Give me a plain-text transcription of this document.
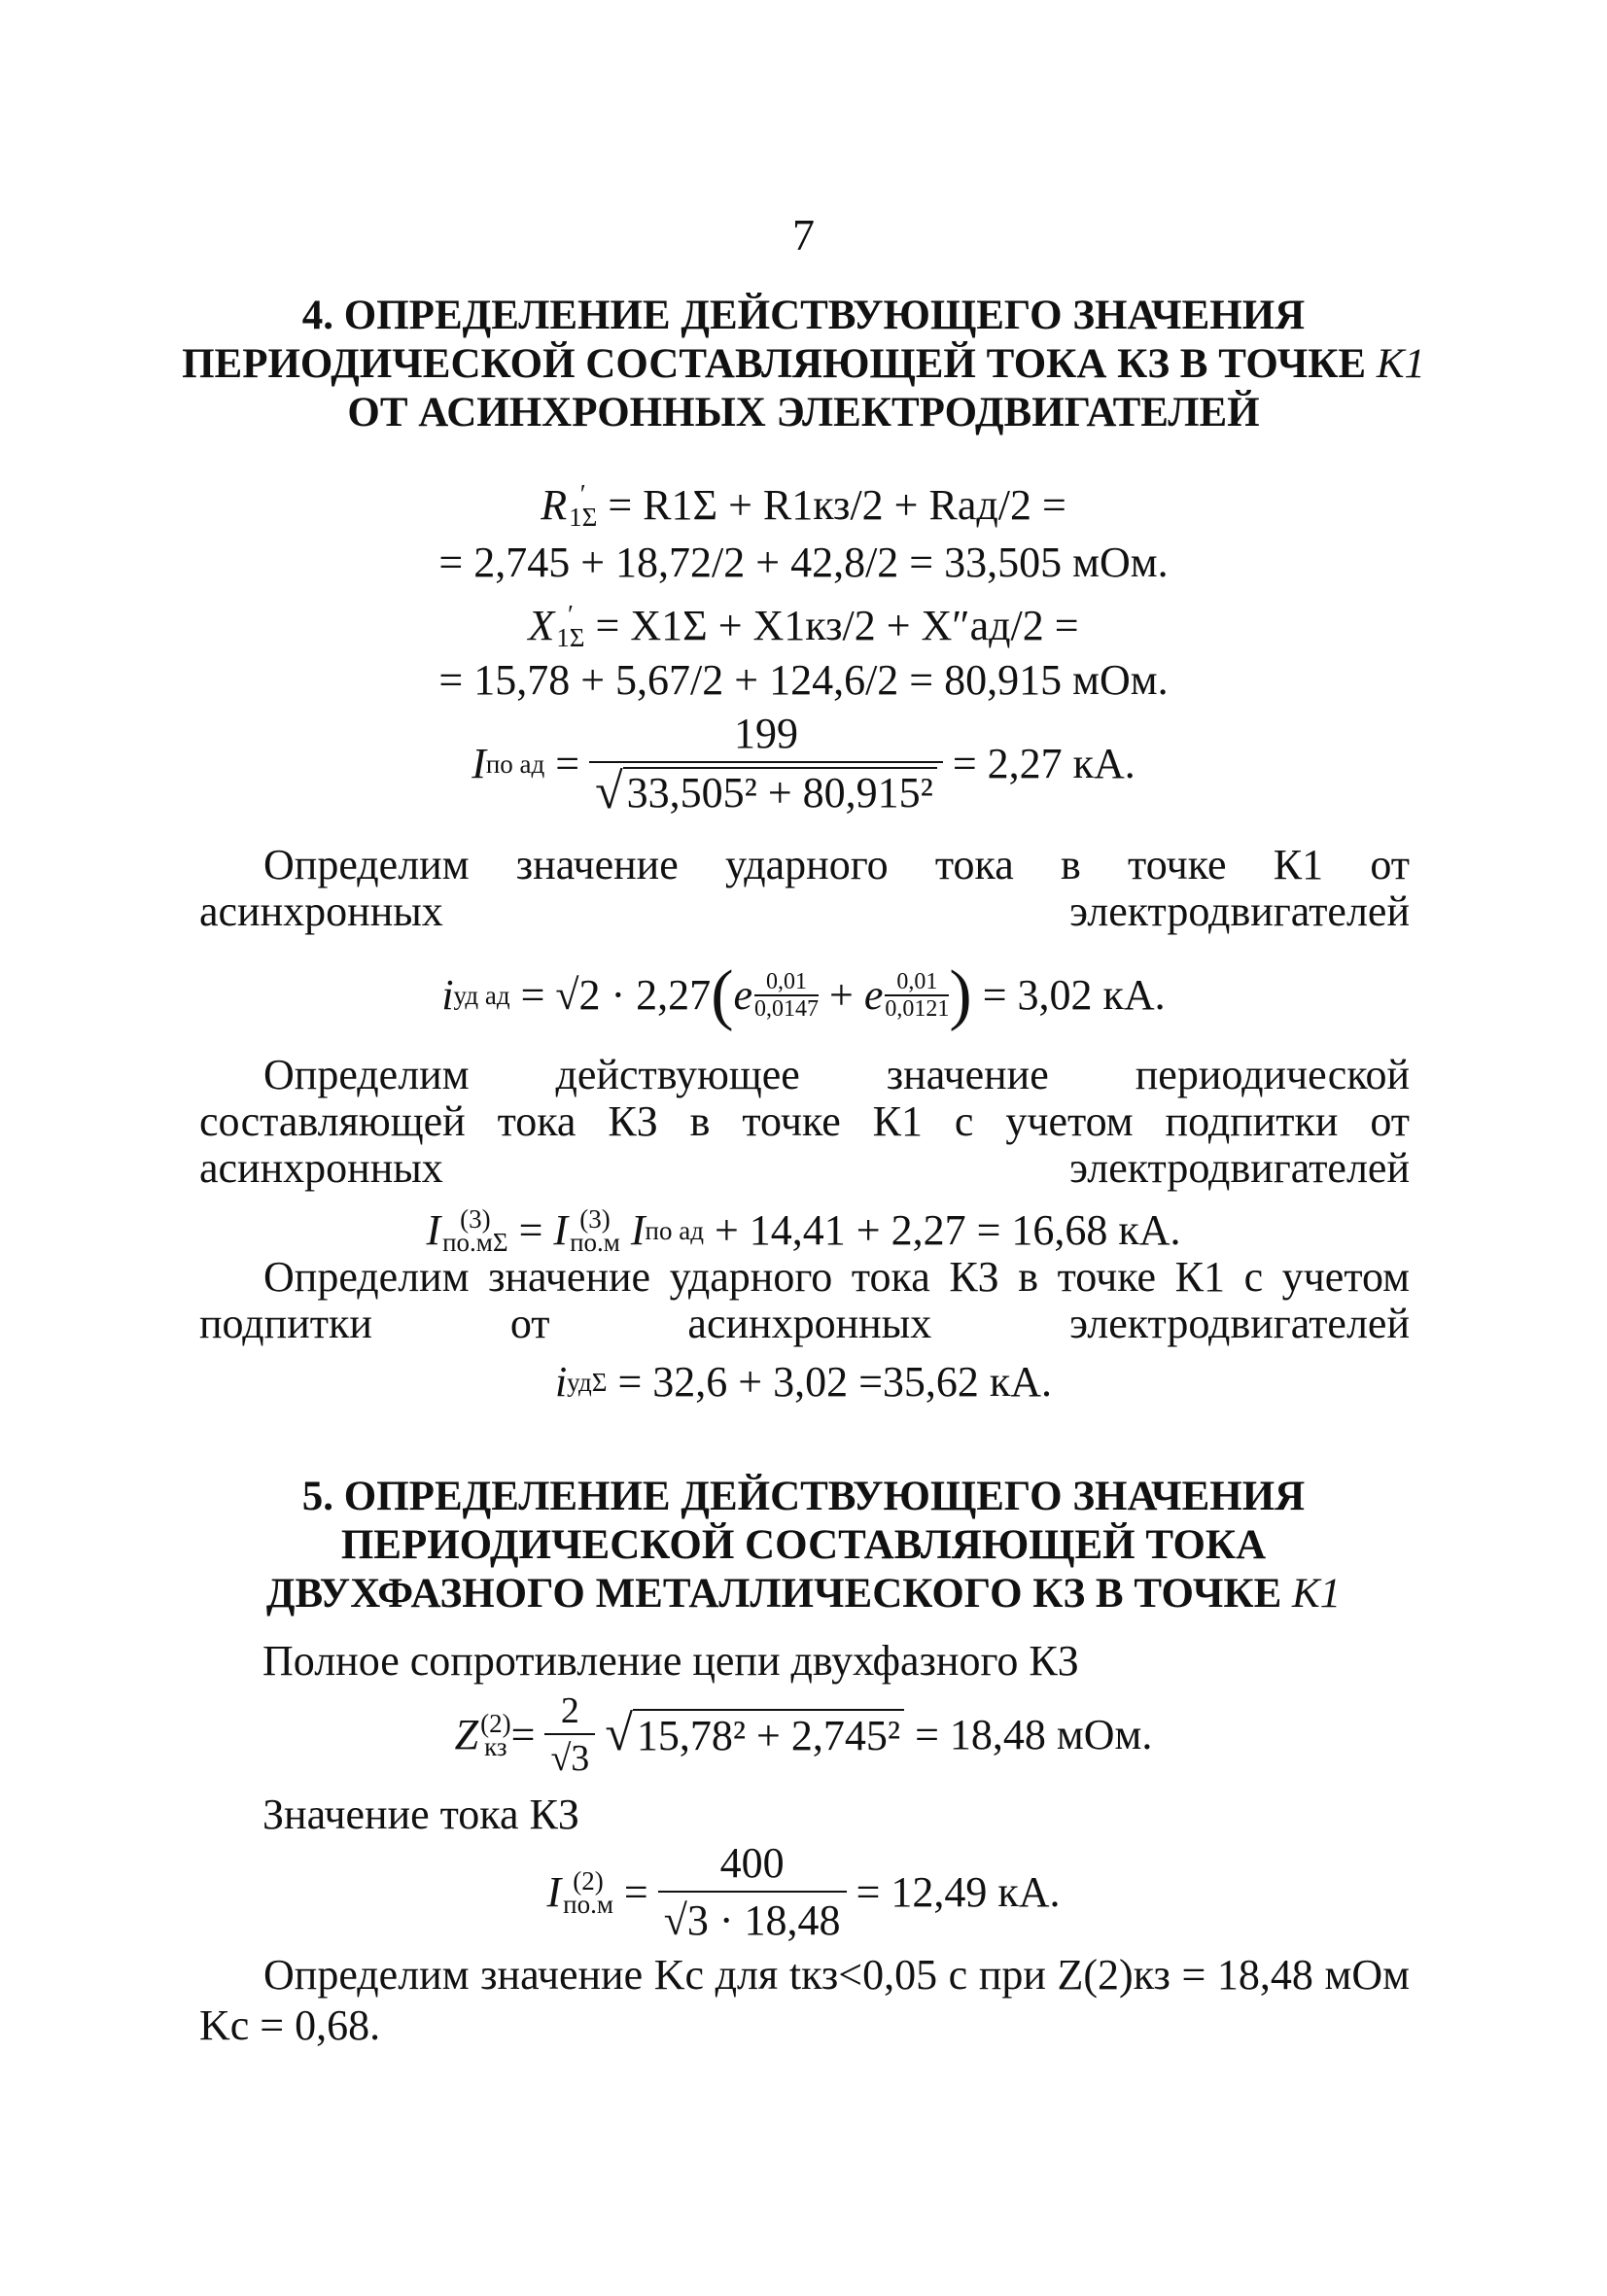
7
4. ОПРЕДЕЛЕНИЕ ДЕЙСТВУЮЩЕГО ЗНАЧЕНИЯ
ПЕРИОДИЧЕСКОЙ СОСТАВЛЯЮЩЕЙ ТОКА КЗ В ТОЧКЕ К1
ОТ АСИНХРОННЫХ ЭЛЕКТРОДВИГАТЕЛЕЙ
R ′
1Σ
= R1Σ + R1кз/2 + Rад/2 =
= 2,745 + 18,72/2 + 42,8/2 = 33,505 мОм.
X ′
1Σ
= X1Σ + X1кз/2 + X″ад/2 =
= 15,78 + 5,67/2 + 124,6/2 = 80,915 мОм.
I по ад = $\frac{199}{\text{√ 33,505² + 80,915²}} = 2,27$ кА.
Определим значение ударного тока в точке К1 от асинхронных электродвигателей
i уд ад
= √2 · 2,27 ( e $\frac{0,01}{0,0147} + e \frac{0,01}{0,0121}$ )
= 3,02 кА.
Определим действующее значение периодической составляющей тока КЗ в точке К1 с учетом подпитки от асинхронных электродвигателей
I (3)
по.мΣ = I (3)
по.м
I по ад
+ 14,41 + 2,27 = 16,68 кА.
Определим значение ударного тока КЗ в точке К1 с учетом подпитки от асинхронных электродвигателей
i удΣ
= 32,6 + 3,02 =35,62 кА.
5. ОПРЕДЕЛЕНИЕ ДЕЙСТВУЮЩЕГО ЗНАЧЕНИЯ
ПЕРИОДИЧЕСКОЙ СОСТАВЛЯЮЩЕЙ ТОКА
ДВУХФАЗНОГО МЕТАЛЛИЧЕСКОГО КЗ В ТОЧКЕ К1
Полное сопротивление цепи двухфазного КЗ
Z (2)
кз = $\frac{2}{√3}$ √ 15,78² + 2,745²
= 18,48 мОм.
Значение тока КЗ
I (2)
$по.м = \frac{400}{√3 \cdot 18,48} = 12,49$ кА.
Определим значение Kс для tкз<0,05 с при Z(2)кз = 18,48 мОм
Kс = 0,68.
